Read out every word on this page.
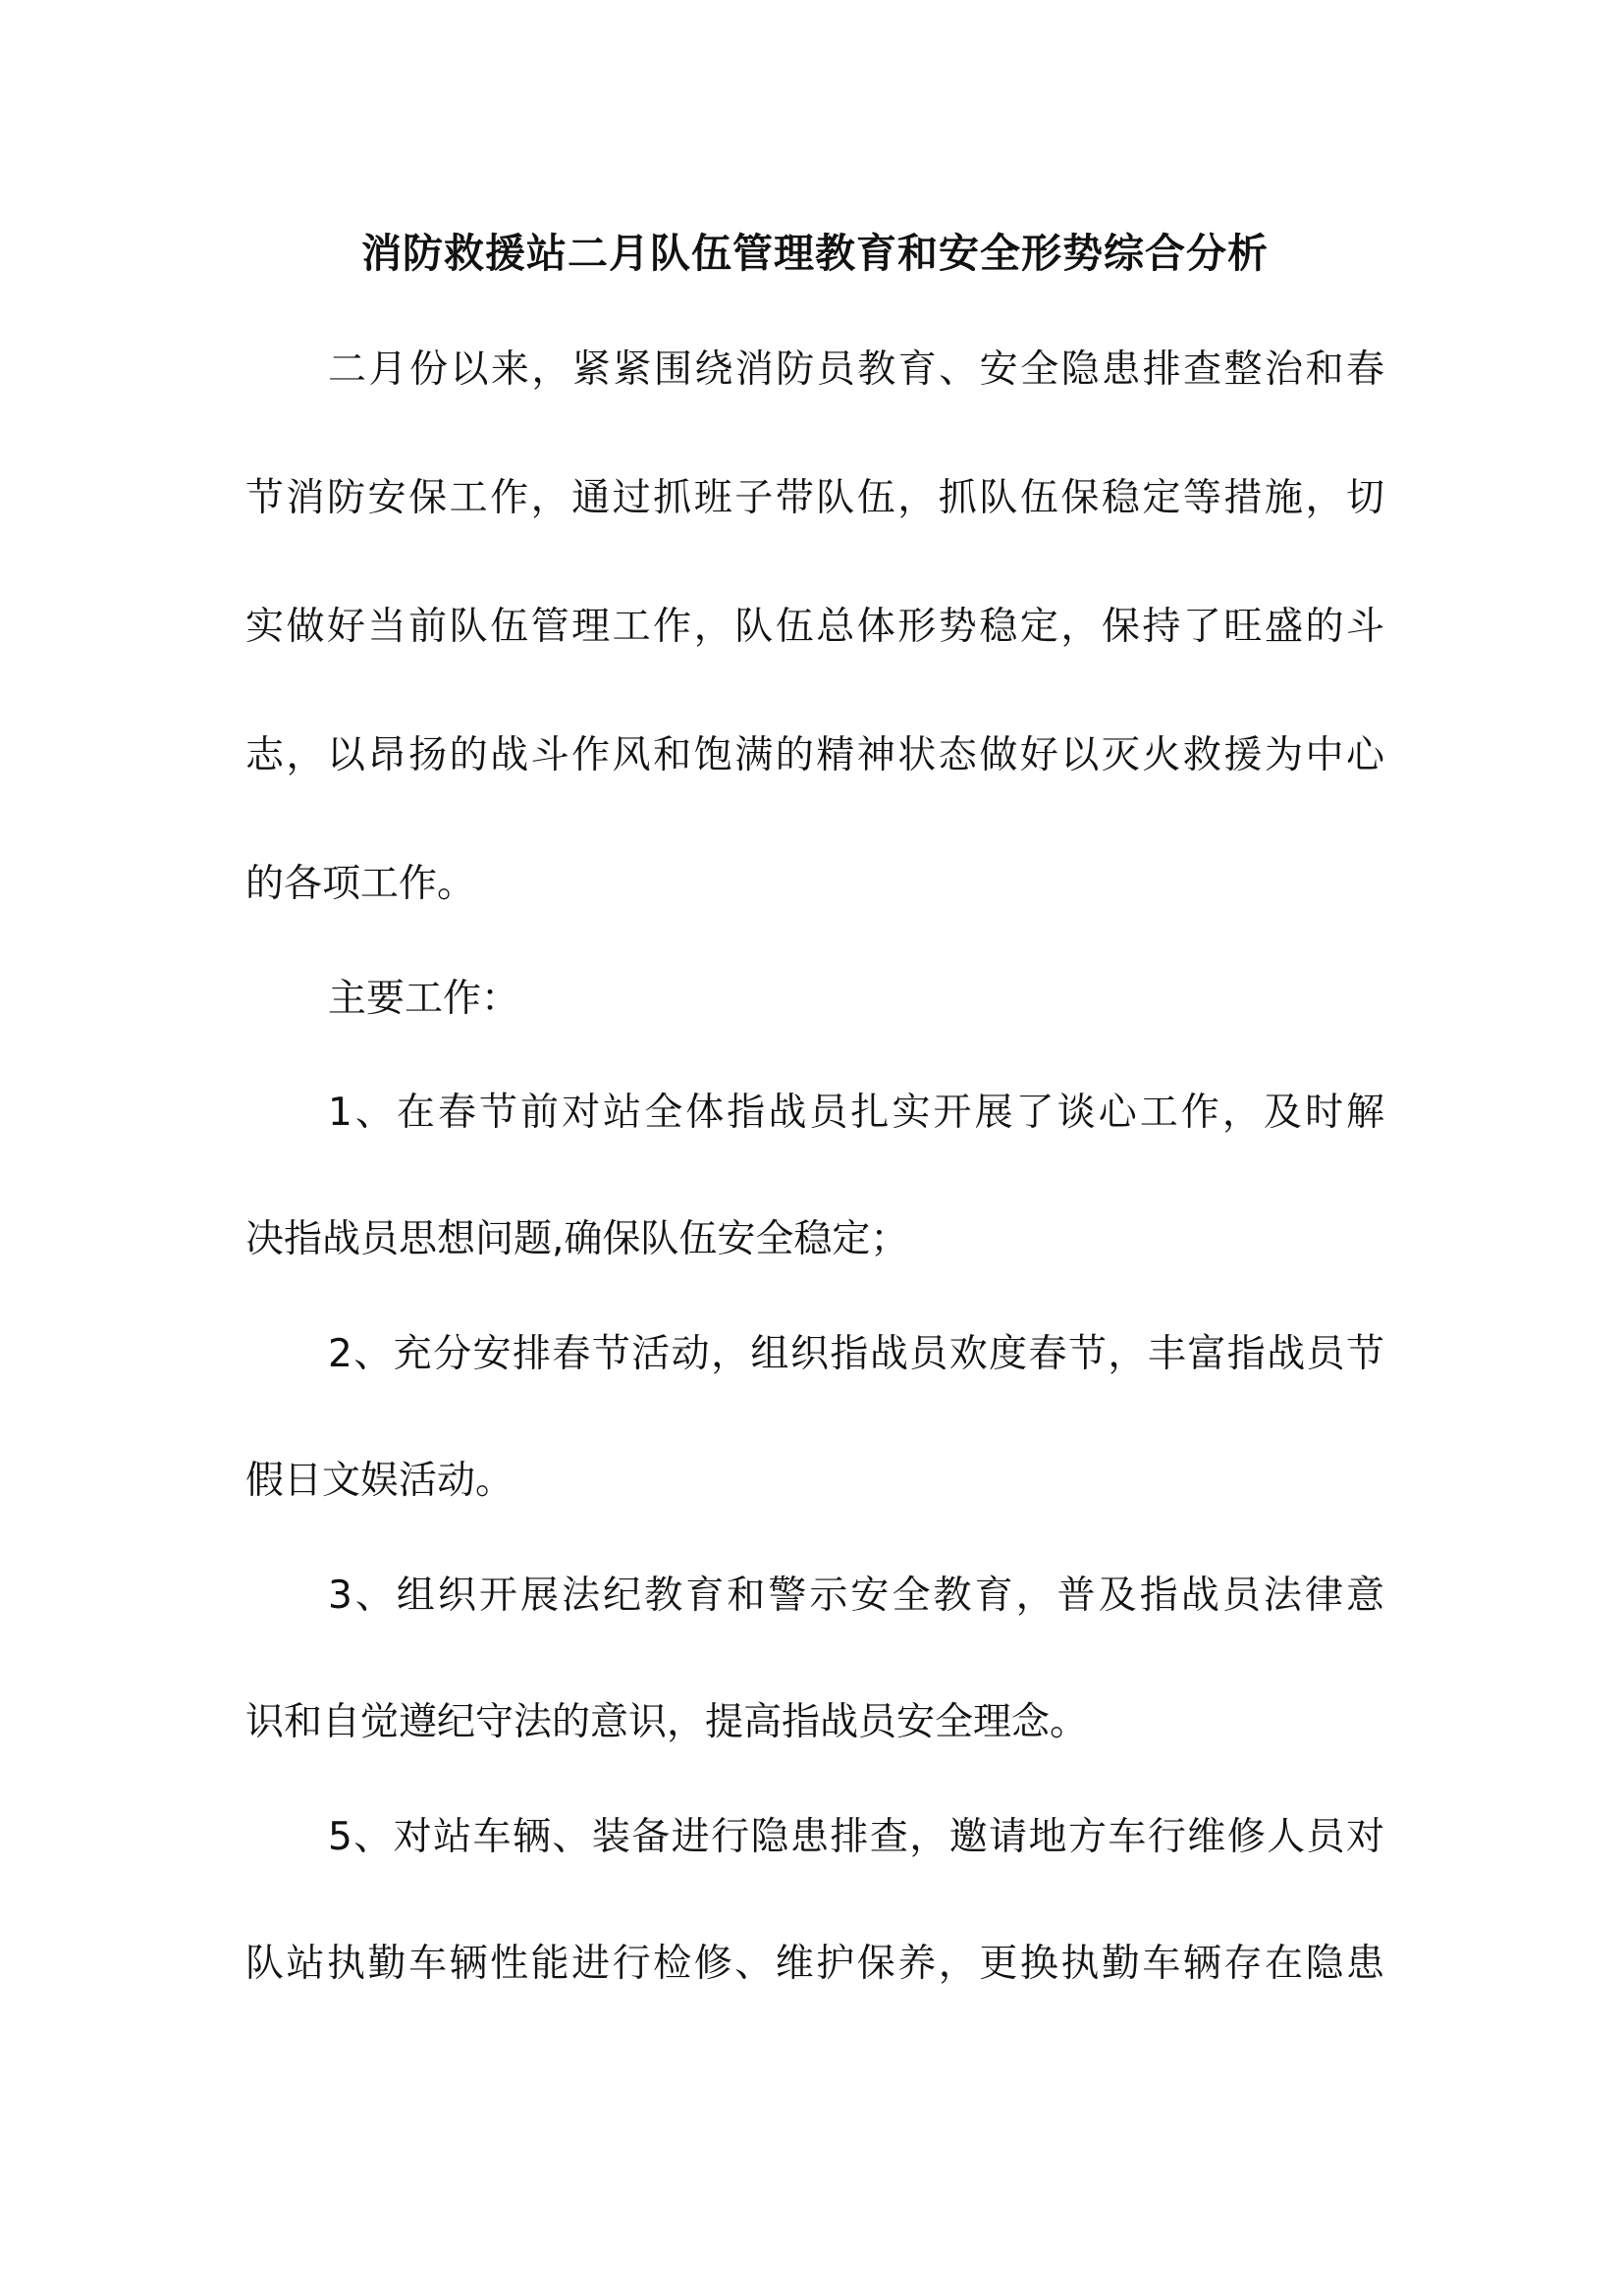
消防救援站二月队伍管理教育和安全形势综合分析
二月份以来，紧紧围绕消防员教育、安全隐患排查整治和春
节消防安保工作，通过抓班子带队伍，抓队伍保稳定等措施，切
实做好当前队伍管理工作，队伍总体形势稳定，保持了旺盛的斗
志，以昂扬的战斗作风和饱满的精神状态做好以灭火救援为中心
的各项工作。
主要工作：
1、在春节前对站全体指战员扎实开展了谈心工作，及时解
决指战员思想问题,确保队伍安全稳定；
2、充分安排春节活动，组织指战员欢度春节，丰富指战员节
假日文娱活动。
3、组织开展法纪教育和警示安全教育，普及指战员法律意
识和自觉遵纪守法的意识，提高指战员安全理念。
5、对站车辆、装备进行隐患排查，邀请地方车行维修人员对
队站执勤车辆性能进行检修、维护保养，更换执勤车辆存在隐患
